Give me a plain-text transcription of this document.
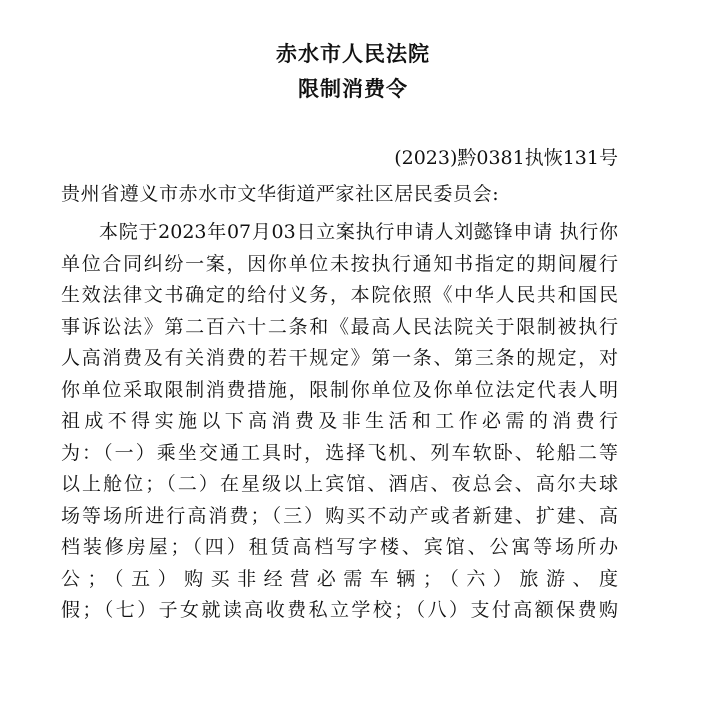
赤水市人民法院
限制消费令
(2023)黔0381执恢131号
贵州省遵义市赤水市文华街道严家社区居民委员会:
本院于2023年07月03日立案执行申请人刘懿锋申请 执行你
单位合同纠纷一案，因你单位未按执行通知书指定的期间履行
生效法律文书确定的给付义务，本院依照《中华人民共和国民
事诉讼法》第二百六十二条和《最高人民法院关于限制被执行
人高消费及有关消费的若干规定》第一条、第三条的规定，对
你单位采取限制消费措施，限制你单位及你单位法定代表人明
祖成不得实施以下高消费及非生活和工作必需的消费行
为：（一）乘坐交通工具时，选择飞机、列车软卧、轮船二等
以上舱位；（二）在星级以上宾馆、酒店、夜总会、高尔夫球
场等场所进行高消费；（三）购买不动产或者新建、扩建、高
档装修房屋；（四）租赁高档写字楼、宾馆、公寓等场所办
公；（五）购买非经营必需车辆；（六）旅游、度
假；（七）子女就读高收费私立学校；（八）支付高额保费购
